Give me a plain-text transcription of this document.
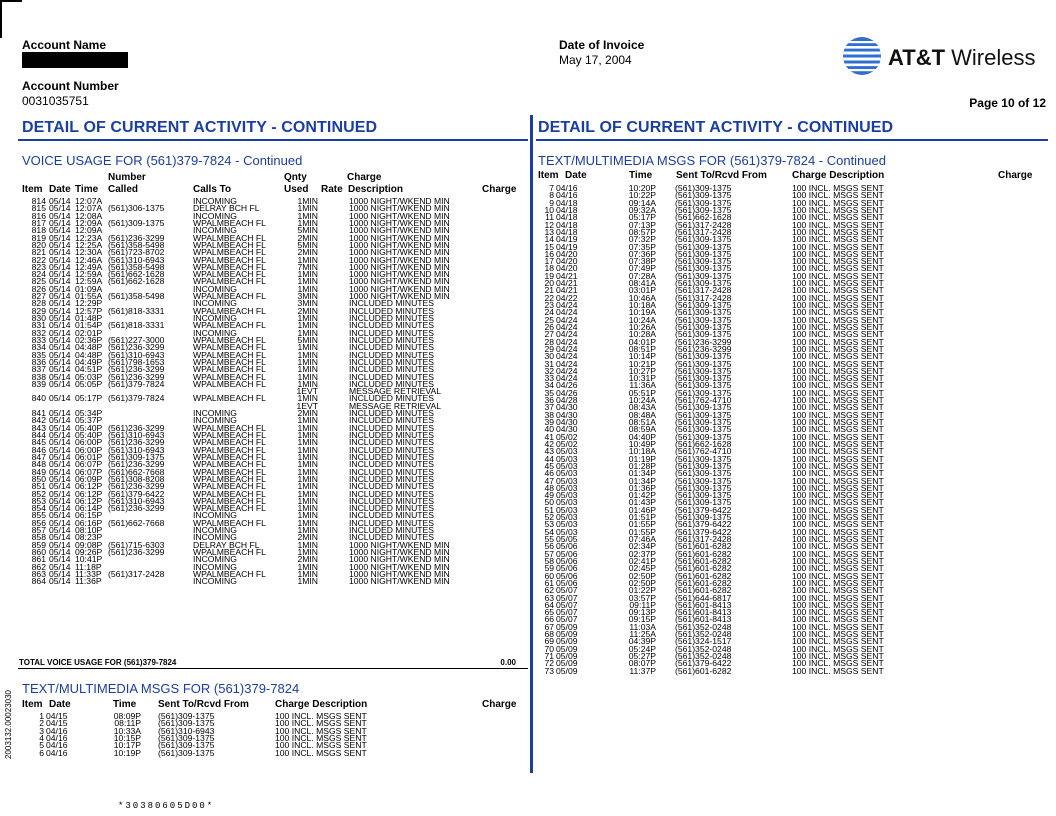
Account Name
Account Number
0031035751
Date of Invoice
May 17, 2004	AT&T Wireless
Page 10 of 12
DETAIL OF CURRENT ACTIVITY - CONTINUED
VOICE USAGE FOR (561)379-7824 - Continued
Number	Qnty	Charge
Item Date Time Called	Calls To	Used Rate Description	Charge
814 05/14 12:07A	INCOMING	1MIN	1000 NIGHT/WKEND MIN
815 05/14 12:07A (561)306-1375	DELRAY BCH FL	1MIN	1000 NIGHT/WKEND MIN
816 05/14 12:08A	INCOMING	1MIN	1000 NIGHT/WKEND MIN
817 05/14 12:09A (561)309-1375	WPALMBEACH FL	1MIN	1000 NIGHT/WKEND MIN
818 05/14 12:09A	INCOMING	5MIN	1000 NIGHT/WKEND MIN
819 05/14 12:23A (561)236-3299	WPALMBEACH FL	2MIN	1000 NIGHT/WKEND MIN
820 05/14 12:25A (561)358-5498	WPALMBEACH FL	5MIN	1000 NIGHT/WKEND MIN
821 05/14 12:30A (561)723-8702	WPALMBEACH FL	2MIN	1000 NIGHT/WKEND MIN
822 05/14 12:46A (561)310-6943	WPALMBEACH FL	1MIN	1000 NIGHT/WKEND MIN
823 05/14 12:49A (561)358-5498	WPALMBEACH FL	7MIN	1000 NIGHT/WKEND MIN
824 05/14 12:59A (561)662-1628	WPALMBEACH FL	1MIN	1000 NIGHT/WKEND MIN
825 05/14 12:59A (561)662-1628	WPALMBEACH FL	1MIN	1000 NIGHT/WKEND MIN
826 05/14 01:09A	INCOMING	1MIN	1000 NIGHT/WKEND MIN
827 05/14 01:55A (561)358-5498	WPALMBEACH FL	3MIN	1000 NIGHT/WKEND MIN
828 05/14 12:29P	INCOMING	3MIN	INCLUDED MINUTES
829 05/14 12:57P (561)818-3331	WPALMBEACH FL	2MIN	INCLUDED MINUTES
830 05/14 01:48P	INCOMING	1MIN	INCLUDED MINUTES
831 05/14 01:54P (561)818-3331	WPALMBEACH FL	1MIN	INCLUDED MINUTES
832 05/14 02:01P	INCOMING	1MIN	INCLUDED MINUTES
833 05/14 02:36P (561)227-3000	WPALMBEACH FL	5MIN	INCLUDED MINUTES
834 05/14 04:48P (561)236-3299	WPALMBEACH FL	1MIN	INCLUDED MINUTES
835 05/14 04:48P (561)310-6943	WPALMBEACH FL	1MIN	INCLUDED MINUTES
836 05/14 04:49P (561)798-1653	WPALMBEACH FL	1MIN	INCLUDED MINUTES
837 05/14 04:51P (561)236-3299	WPALMBEACH FL	1MIN	INCLUDED MINUTES
838 05/14 05:03P (561)236-3299	WPALMBEACH FL	1MIN	INCLUDED MINUTES
839 05/14 05:05P (561)379-7824	WPALMBEACH FL	1MIN	INCLUDED MINUTES
1EVT	MESSAGE RETRIEVAL
840 05/14 05:17P (561)379-7824	WPALMBEACH FL	1MIN	INCLUDED MINUTES
1EVT	MESSAGE RETRIEVAL
841 05/14 05:34P	INCOMING	2MIN	INCLUDED MINUTES
842 05/14 05:37P	INCOMING	1MIN	INCLUDED MINUTES
843 05/14 05:40P (561)236-3299	WPALMBEACH FL	1MIN	INCLUDED MINUTES
844 05/14 05:40P (561)310-6943	WPALMBEACH FL	1MIN	INCLUDED MINUTES
845 05/14 06:00P (561)236-3299	WPALMBEACH FL	1MIN	INCLUDED MINUTES
846 05/14 06:00P (561)310-6943	WPALMBEACH FL	1MIN	INCLUDED MINUTES
847 05/14 06:01P (561)309-1375	WPALMBEACH FL	1MIN	INCLUDED MINUTES
848 05/14 06:07P (561)236-3299	WPALMBEACH FL	1MIN	INCLUDED MINUTES
849 05/14 06:07P (561)662-7668	WPALMBEACH FL	1MIN	INCLUDED MINUTES
850 05/14 06:09P (561)308-8208	WPALMBEACH FL	1MIN	INCLUDED MINUTES
851 05/14 06:12P (561)236-3299	WPALMBEACH FL	1MIN	INCLUDED MINUTES
852 05/14 06:12P (561)379-6422	WPALMBEACH FL	1MIN	INCLUDED MINUTES
853 05/14 06:12P (561)310-6943	WPALMBEACH FL	1MIN	INCLUDED MINUTES
854 05/14 06:14P (561)236-3299	WPALMBEACH FL	1MIN	INCLUDED MINUTES
855 05/14 06:15P	INCOMING	1MIN	INCLUDED MINUTES
856 05/14 06:16P (561)662-7668	WPALMBEACH FL	1MIN	INCLUDED MINUTES
857 05/14 08:10P	INCOMING	1MIN	INCLUDED MINUTES
858 05/14 08:23P	INCOMING	2MIN	INCLUDED MINUTES
859 05/14 09:08P (561)715-6303	DELRAY BCH FL	1MIN	1000 NIGHT/WKEND MIN
860 05/14 09:26P (561)236-3299	WPALMBEACH FL	1MIN	1000 NIGHT/WKEND MIN
861 05/14 10:41P	INCOMING	2MIN	1000 NIGHT/WKEND MIN
862 05/14 11:18P	INCOMING	1MIN	1000 NIGHT/WKEND MIN
863 05/14 11:33P (561)317-2428	WPALMBEACH FL	1MIN	1000 NIGHT/WKEND MIN
864 05/14 11:36P	INCOMING	1MIN	1000 NIGHT/WKEND MIN
TOTAL VOICE USAGE FOR (561)379-7824	0.00
TEXT/MULTIMEDIA MSGS FOR (561)379-7824
Item Date	Time Sent To/Rcvd From	Charge Description	Charge
1 04/15	08:09P (561)309-1375	100 INCL. MSGS SENT
2 04/15	08:11P (561)309-1375	100 INCL. MSGS SENT
3 04/16	10:33A (561)310-6943	100 INCL. MSGS SENT
4 04/16	10:15P (561)309-1375	100 INCL. MSGS SENT
5 04/16	10:17P (561)309-1375	100 INCL. MSGS SENT
6 04/16	10:19P (561)309-1375	100 INCL. MSGS SENT
2003132.00023030
*30380605D00*
DETAIL OF CURRENT ACTIVITY - CONTINUED
TEXT/MULTIMEDIA MSGS FOR (561)379-7824 - Continued
Item Date	Time Sent To/Rcvd From	Charge Description	Charge
7 04/16	10:20P (561)309-1375	100 INCL. MSGS SENT
8 04/16	10:22P (561)309-1375	100 INCL. MSGS SENT
9 04/18	09:14A (561)309-1375	100 INCL. MSGS SENT
10 04/18	09:32A (561)309-1375	100 INCL. MSGS SENT
11 04/18	05:17P (561)662-1628	100 INCL. MSGS SENT
12 04/18	07:13P (561)317-2428	100 INCL. MSGS SENT
13 04/18	08:57P (561)317-2428	100 INCL. MSGS SENT
14 04/19	07:32P (561)309-1375	100 INCL. MSGS SENT
15 04/19	07:35P (561)309-1375	100 INCL. MSGS SENT
16 04/20	07:36P (561)309-1375	100 INCL. MSGS SENT
17 04/20	07:38P (561)309-1375	100 INCL. MSGS SENT
18 04/20	07:49P (561)309-1375	100 INCL. MSGS SENT
19 04/21	07:28A (561)309-1375	100 INCL. MSGS SENT
20 04/21	08:41A (561)309-1375	100 INCL. MSGS SENT
21 04/21	03:01P (561)317-2428	100 INCL. MSGS SENT
22 04/22	10:46A (561)317-2428	100 INCL. MSGS SENT
23 04/24	10:18A (561)309-1375	100 INCL. MSGS SENT
24 04/24	10:19A (561)309-1375	100 INCL. MSGS SENT
25 04/24	10:24A (561)309-1375	100 INCL. MSGS SENT
26 04/24	10:26A (561)309-1375	100 INCL. MSGS SENT
27 04/24	10:28A (561)309-1375	100 INCL. MSGS SENT
28 04/24	04:01P (561)236-3299	100 INCL. MSGS SENT
29 04/24	08:51P (561)236-3299	100 INCL. MSGS SENT
30 04/24	10:14P (561)309-1375	100 INCL. MSGS SENT
31 04/24	10:21P (561)309-1375	100 INCL. MSGS SENT
32 04/24	10:27P (561)309-1375	100 INCL. MSGS SENT
33 04/24	10:31P (561)309-1375	100 INCL. MSGS SENT
34 04/26	11:36A (561)309-1375	100 INCL. MSGS SENT
35 04/26	05:51P (561)309-1375	100 INCL. MSGS SENT
36 04/28	10:24A (561)762-4710	100 INCL. MSGS SENT
37 04/30	08:43A (561)309-1375	100 INCL. MSGS SENT
38 04/30	08:48A (561)309-1375	100 INCL. MSGS SENT
39 04/30	08:51A (561)309-1375	100 INCL. MSGS SENT
40 04/30	08:59A (561)309-1375	100 INCL. MSGS SENT
41 05/02	04:40P (561)309-1375	100 INCL. MSGS SENT
42 05/02	10:49P (561)662-1628	100 INCL. MSGS SENT
43 05/03	10:18A (561)762-4710	100 INCL. MSGS SENT
44 05/03	01:19P (561)309-1375	100 INCL. MSGS SENT
45 05/03	01:28P (561)309-1375	100 INCL. MSGS SENT
46 05/03	01:34P (561)309-1375	100 INCL. MSGS SENT
47 05/03	01:34P (561)309-1375	100 INCL. MSGS SENT
48 05/03	01:36P (561)309-1375	100 INCL. MSGS SENT
49 05/03	01:42P (561)309-1375	100 INCL. MSGS SENT
50 05/03	01:43P (561)309-1375	100 INCL. MSGS SENT
51 05/03	01:46P (561)379-6422	100 INCL. MSGS SENT
52 05/03	01:51P (561)309-1375	100 INCL. MSGS SENT
53 05/03	01:55P (561)379-6422	100 INCL. MSGS SENT
54 05/03	01:55P (561)379-6422	100 INCL. MSGS SENT
55 05/05	07:46A (561)317-2428	100 INCL. MSGS SENT
56 05/06	02:34P (561)601-6282	100 INCL. MSGS SENT
57 05/06	02:37P (561)601-6282	100 INCL. MSGS SENT
58 05/06	02:41P (561)601-6282	100 INCL. MSGS SENT
59 05/06	02:45P (561)601-6282	100 INCL. MSGS SENT
60 05/06	02:50P (561)601-6282	100 INCL. MSGS SENT
61 05/06	02:50P (561)601-6282	100 INCL. MSGS SENT
62 05/07	01:22P (561)601-6282	100 INCL. MSGS SENT
63 05/07	03:57P (561)644-6817	100 INCL. MSGS SENT
64 05/07	09:11P (561)601-8413	100 INCL. MSGS SENT
65 05/07	09:13P (561)601-8413	100 INCL. MSGS SENT
66 05/07	09:15P (561)601-8413	100 INCL. MSGS SENT
67 05/09	11:03A (561)352-0248	100 INCL. MSGS SENT
68 05/09	11:25A (561)352-0248	100 INCL. MSGS SENT
69 05/09	04:39P (561)324-1517	100 INCL. MSGS SENT
70 05/09	05:24P (561)352-0248	100 INCL. MSGS SENT
71 05/09	05:27P (561)352-0248	100 INCL. MSGS SENT
72 05/09	08:07P (561)379-6422	100 INCL. MSGS SENT
73 05/09	11:37P (561)601-6282	100 INCL. MSGS SENT
